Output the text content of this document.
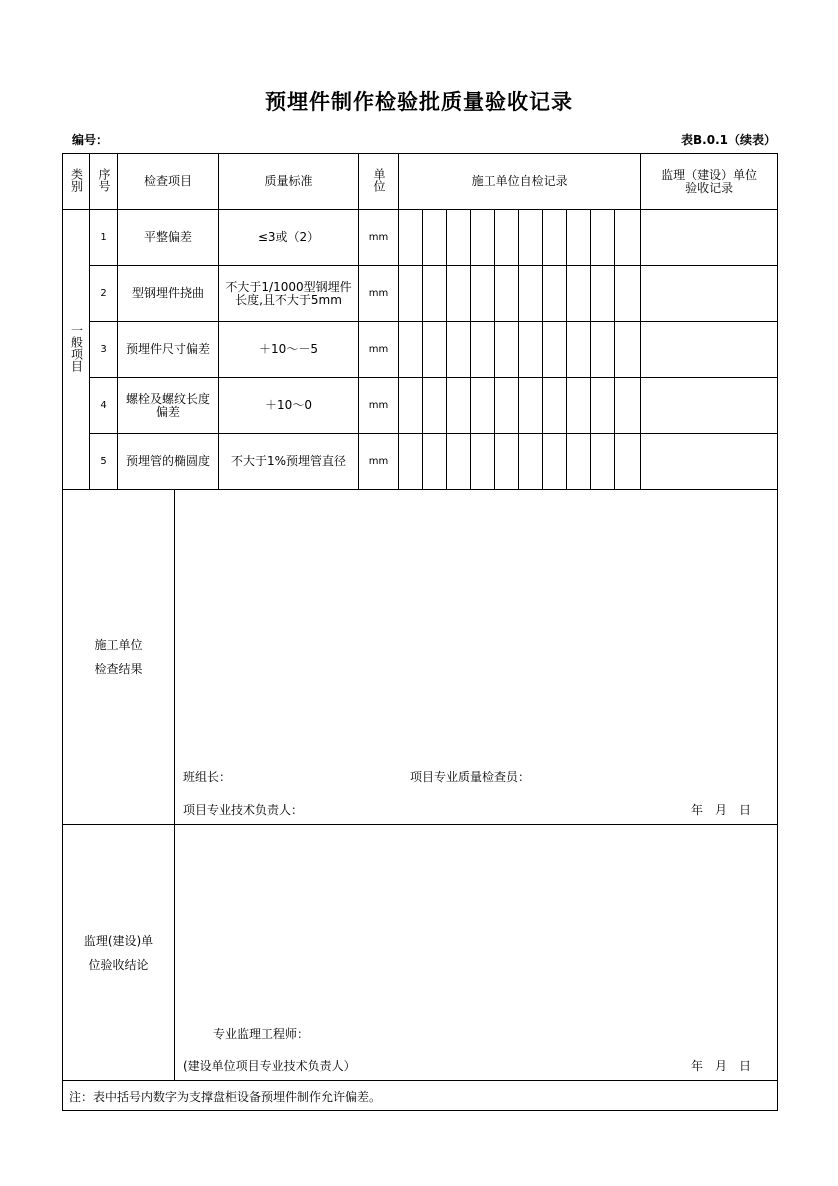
预埋件制作检验批质量验收记录
编号：	表B.0.1（续表）
类别	序号	检查项目	质量标准	单位	施工单位自检记录										监理（建设）单位验收记录
一般项目	1	平整偏差	≤3或（2）	mm											
	2	型钢埋件挠曲	不大于1/1000型钢埋件长度,且不大于5mm	mm											
	3	预埋件尺寸偏差	＋10～－5	mm											
	4	螺栓及螺纹长度偏差	＋10～0	mm											
	5	预埋管的椭圆度	不大于1%预埋管直径	mm											
施工单位
检查结果
班组长：	项目专业质量检查员：
项目专业技术负责人：	年　月　日
监理(建设)单
位验收结论
专业监理工程师：
(建设单位项目专业技术负责人）	年　月　日
注：表中括号内数字为支撑盘柜设备预埋件制作允许偏差。
